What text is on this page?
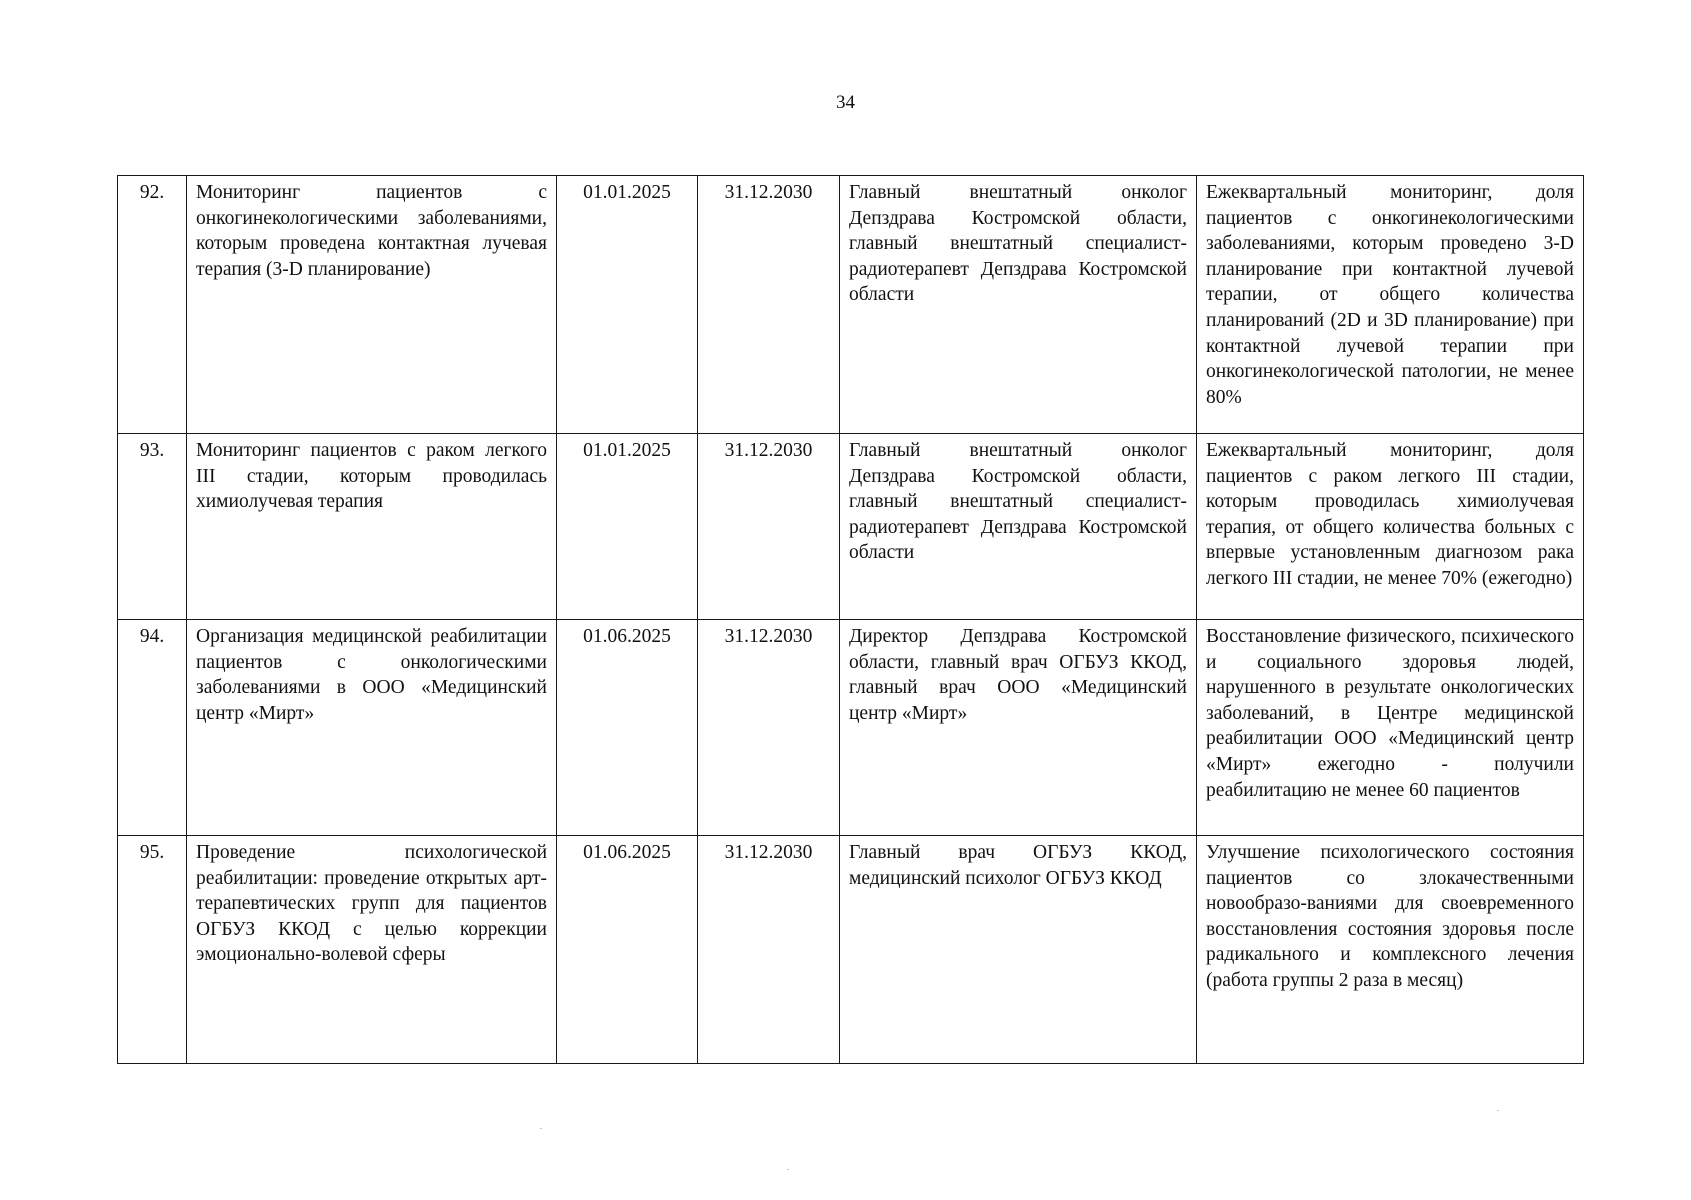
34
92.	Мониторинг пациентов с онкогинекологическими заболеваниями, которым проведена контактная лучевая терапия (3-D планирование)	01.01.2025	31.12.2030	Главный внештатный онколог Депздрава Костромской области, главный внештатный специалист-радиотерапевт Депздрава Костромской области	Ежеквартальный мониторинг, доля пациентов с онкогинекологическими заболеваниями, которым проведено 3-D планирование при контактной лучевой терапии, от общего количества планирований (2D и 3D планирование) при контактной лучевой терапии при онкогинекологической патологии, не менее 80%
93.	Мониторинг пациентов с раком легкого III стадии, которым проводилась химиолучевая терапия	01.01.2025	31.12.2030	Главный внештатный онколог Депздрава Костромской области, главный внештатный специалист-радиотерапевт Депздрава Костромской области	Ежеквартальный мониторинг, доля пациентов с раком легкого III стадии, которым проводилась химиолучевая терапия, от общего количества больных с впервые установленным диагнозом рака легкого III стадии, не менее 70% (ежегодно)
94.	Организация медицинской реабилитации пациентов с онкологическими заболеваниями в ООО «Медицинский центр «Мирт»	01.06.2025	31.12.2030	Директор Депздрава Костромской области, главный врач ОГБУЗ ККОД, главный врач ООО «Медицинский центр «Мирт»	Восстановление физического, психического и социального здоровья людей, нарушенного в результате онкологических заболеваний, в Центре медицинской реабилитации ООО «Медицинский центр «Мирт» ежегодно - получили реабилитацию не менее 60 пациентов
95.	Проведение психологической реабилитации: проведение открытых арт-терапевтических групп для пациентов ОГБУЗ ККОД с целью коррекции эмоционально-волевой сферы	01.06.2025	31.12.2030	Главный врач ОГБУЗ ККОД, медицинский психолог ОГБУЗ ККОД	Улучшение психологического состояния пациентов со злокачественными новообразо-ваниями для своевременного восстановления состояния здоровья после радикального и комплексного лечения (работа группы 2 раза в месяц)
